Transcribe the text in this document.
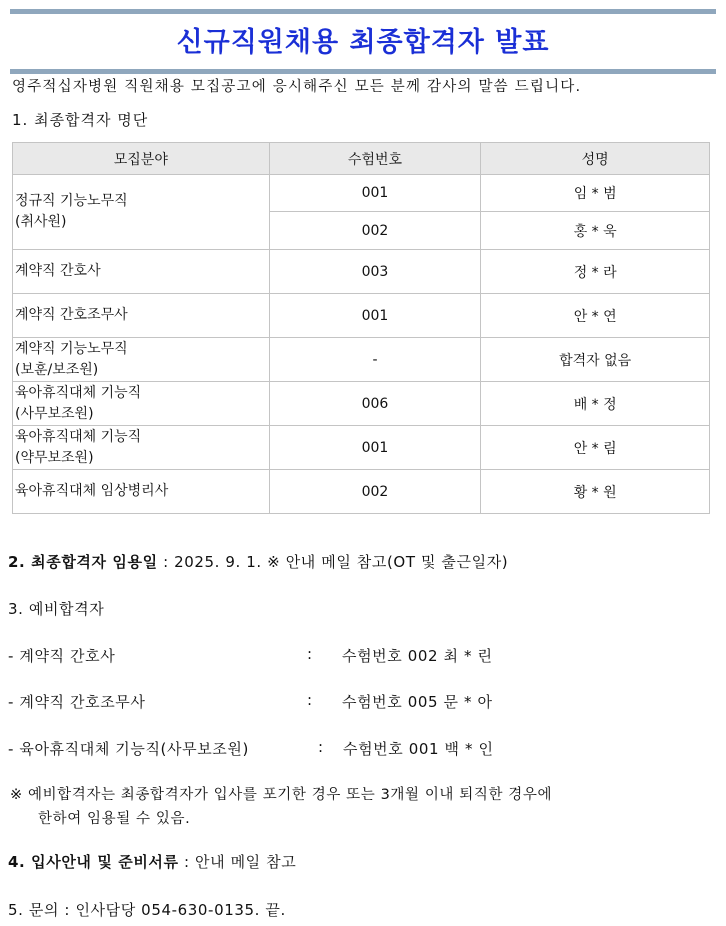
신규직원채용 최종합격자 발표
영주적십자병원 직원채용 모집공고에 응시해주신 모든 분께 감사의 말씀 드립니다.
1. 최종합격자 명단
모집분야	수험번호	성명

정규직 기능노무직
(취사원)	001	임 * 범
	002	홍 * 욱

계약직 간호사	003	정 * 라

계약직 간호조무사	001	안 * 연

계약직 기능노무직
(보훈/보조원)	-	합격자 없음

육아휴직대체 기능직
(사무보조원)	006	배 * 정

육아휴직대체 기능직
(약무보조원)	001	안 * 림

육아휴직대체 임상병리사	002	황 * 원
2. 최종합격자 임용일 : 2025. 9. 1. ※ 안내 메일 참고(OT 및 출근일자)
3. 예비합격자
- 계약직 간호사	: 수험번호 002 최 * 린
- 계약직 간호조무사	: 수험번호 005 문 * 아
- 육아휴직대체 기능직(사무보조원)	: 수험번호 001 백 * 인
※ 예비합격자는 최종합격자가 입사를 포기한 경우 또는 3개월 이내 퇴직한 경우에
한하여 임용될 수 있음.
4. 입사안내 및 준비서류 : 안내 메일 참고
5. 문의 : 인사담당 054-630-0135. 끝.
